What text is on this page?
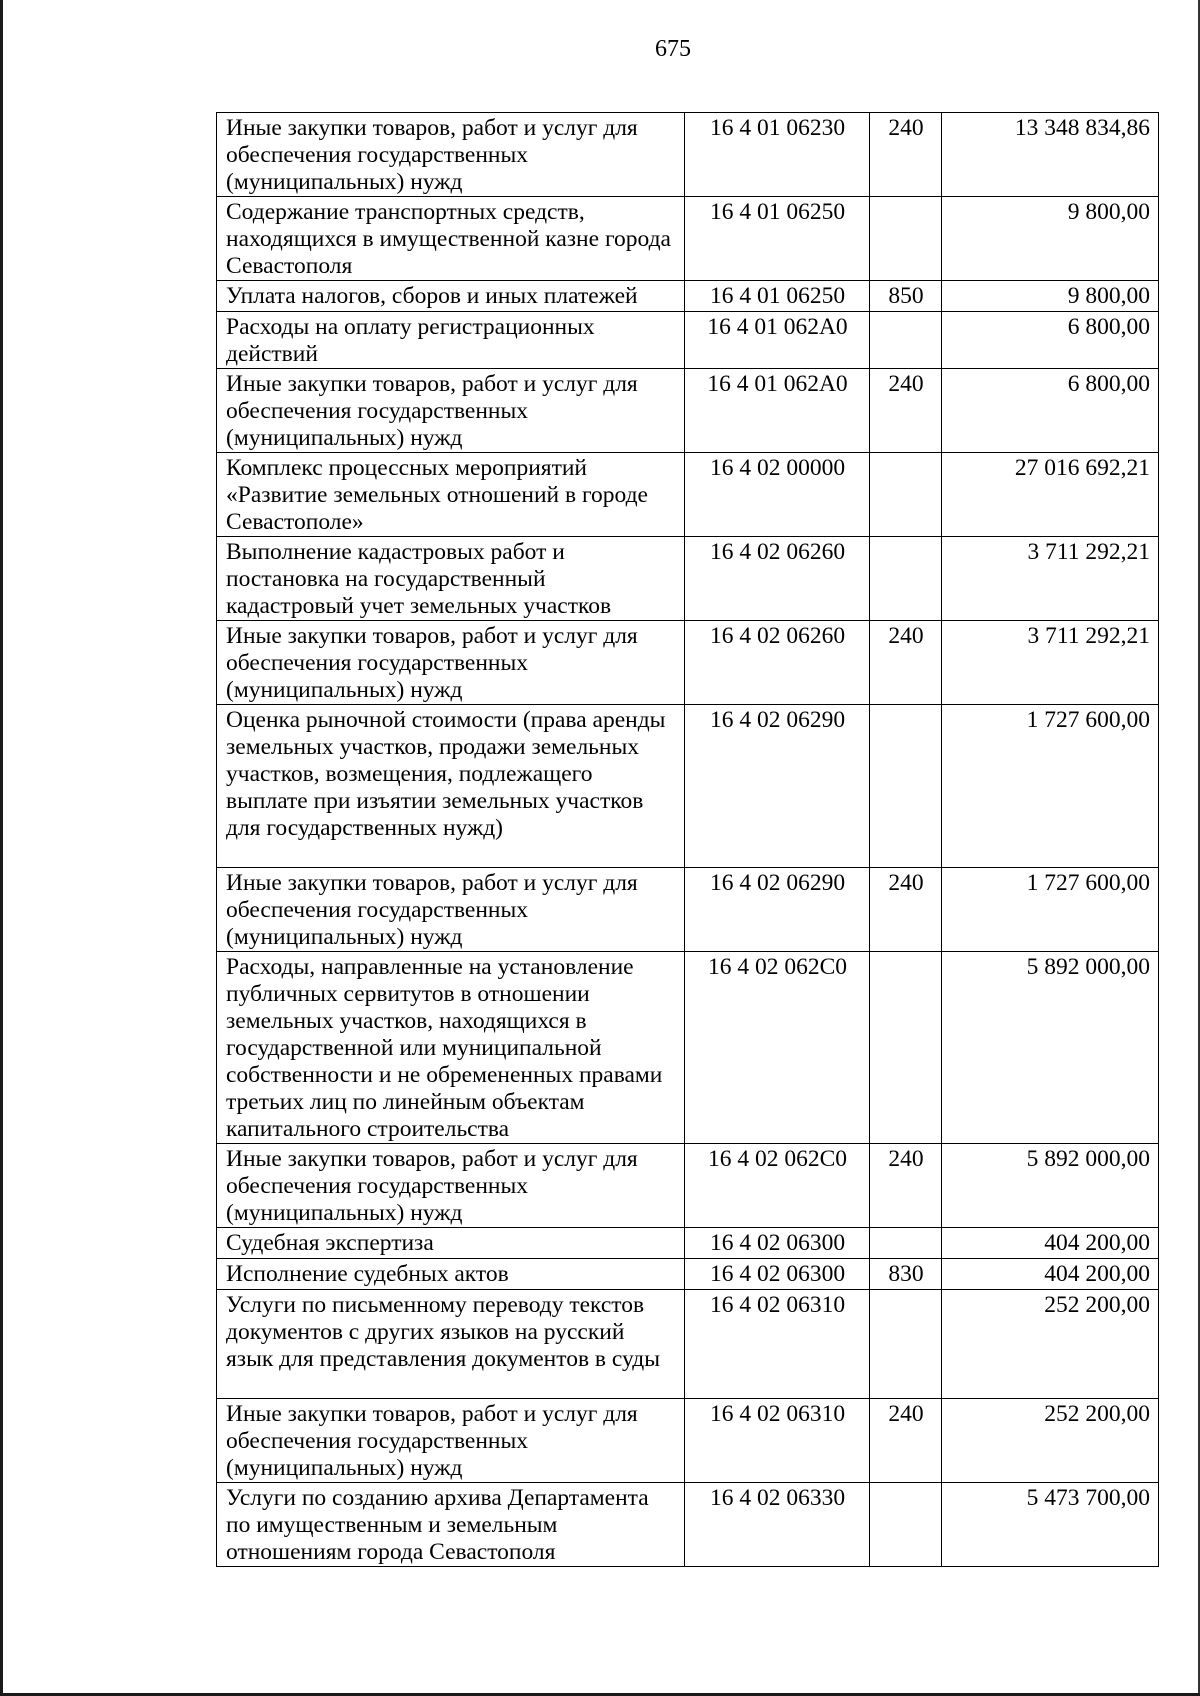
675
Иные закупки товаров, работ и услуг для обеспечения государственных (муниципальных) нужд	16 4 01 06230	240	13 348 834,86
Содержание транспортных средств, находящихся в имущественной казне города Севастополя	16 4 01 06250		9 800,00
Уплата налогов, сборов и иных платежей	16 4 01 06250	850	9 800,00
Расходы на оплату регистрационных действий	16 4 01 062А0		6 800,00
Иные закупки товаров, работ и услуг для обеспечения государственных (муниципальных) нужд	16 4 01 062А0	240	6 800,00
Комплекс процессных мероприятий «Развитие земельных отношений в городе Севастополе»	16 4 02 00000		27 016 692,21
Выполнение кадастровых работ и постановка на государственный кадастровый учет земельных участков	16 4 02 06260		3 711 292,21
Иные закупки товаров, работ и услуг для обеспечения государственных (муниципальных) нужд	16 4 02 06260	240	3 711 292,21
Оценка рыночной стоимости (права аренды земельных участков, продажи земельных участков, возмещения, подлежащего выплате при изъятии земельных участков для государственных нужд)	16 4 02 06290		1 727 600,00
Иные закупки товаров, работ и услуг для обеспечения государственных (муниципальных) нужд	16 4 02 06290	240	1 727 600,00
Расходы, направленные на установление публичных сервитутов в отношении земельных участков, находящихся в государственной или муниципальной собственности и не обремененных правами третьих лиц по линейным объектам капитального строительства	16 4 02 062С0		5 892 000,00
Иные закупки товаров, работ и услуг для обеспечения государственных (муниципальных) нужд	16 4 02 062С0	240	5 892 000,00
Судебная экспертиза	16 4 02 06300		404 200,00
Исполнение судебных актов	16 4 02 06300	830	404 200,00
Услуги по письменному переводу текстов документов с других языков на русский язык для представления документов в суды	16 4 02 06310		252 200,00
Иные закупки товаров, работ и услуг для обеспечения государственных (муниципальных) нужд	16 4 02 06310	240	252 200,00
Услуги по созданию архива Департамента по имущественным и земельным отношениям города Севастополя	16 4 02 06330		5 473 700,00
